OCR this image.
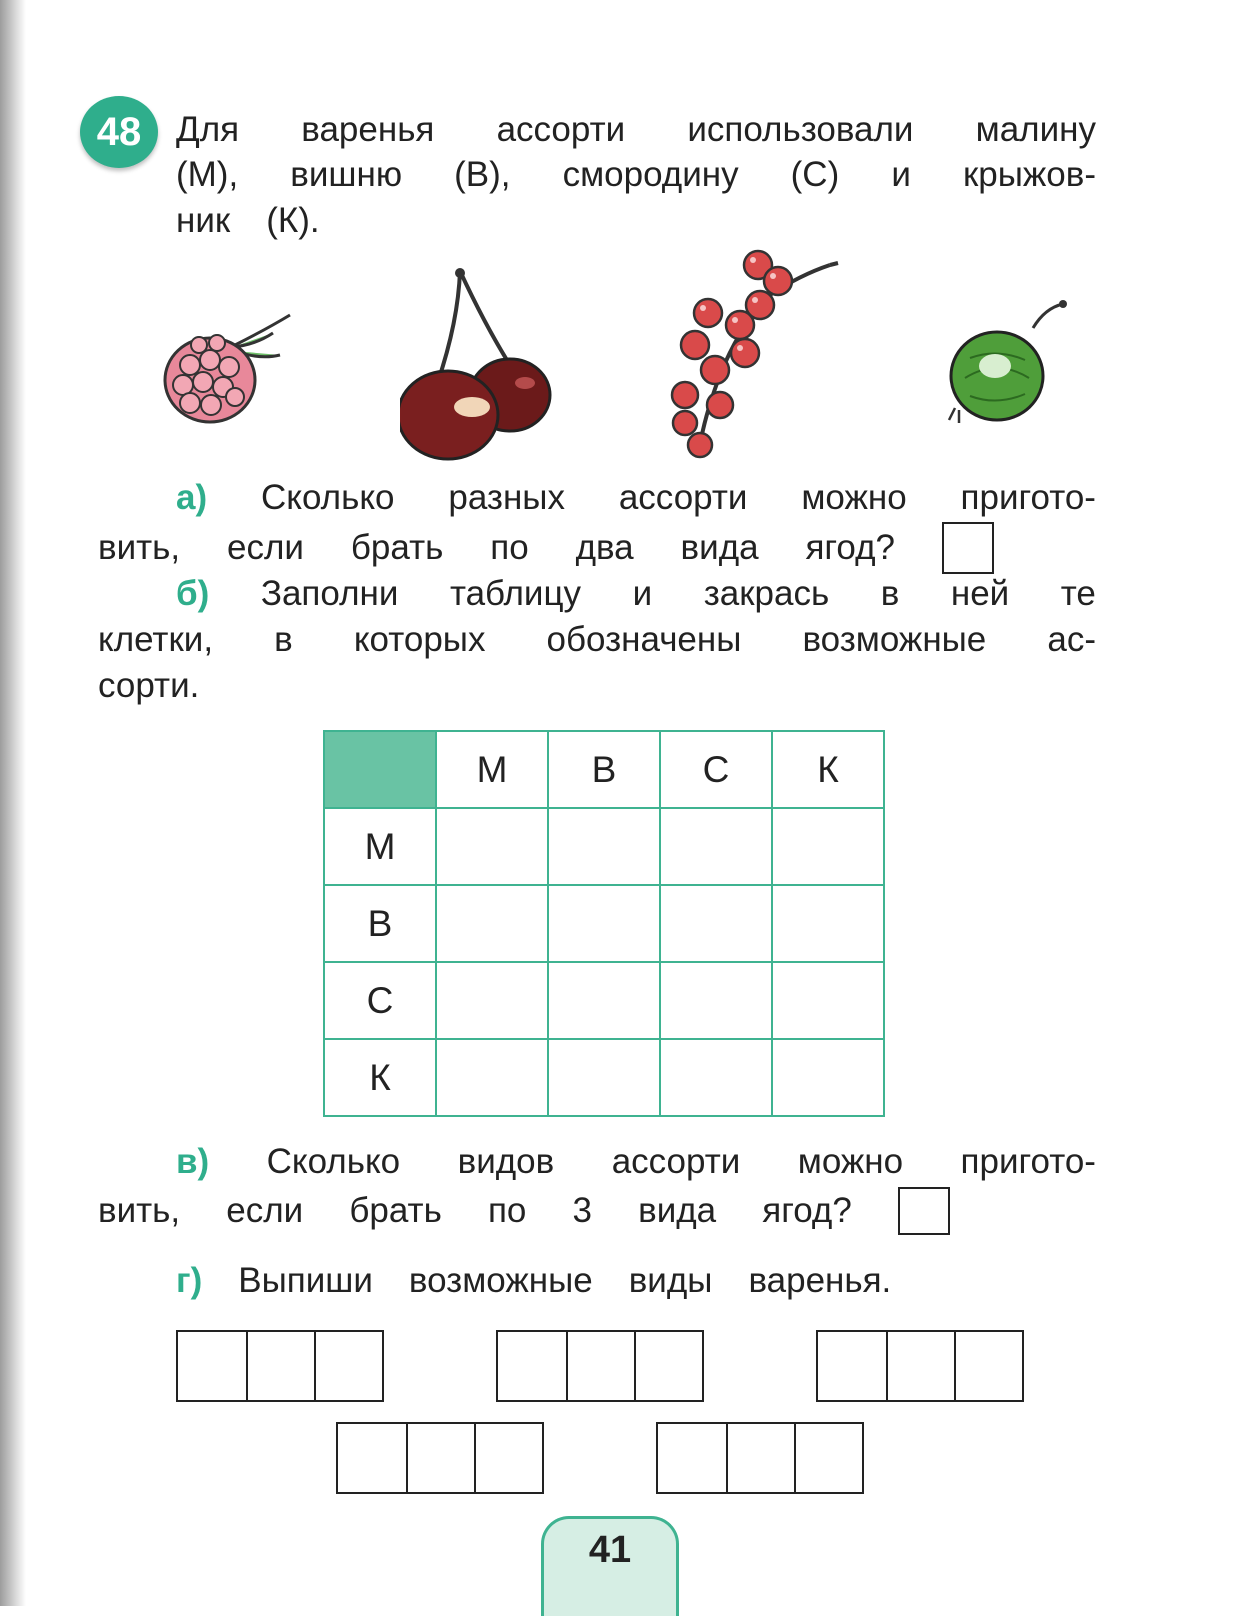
48 Для варенья ассорти использовали малину
(М), вишню (В), смородину (С) и крыжов-
ник (К).
а) Сколько разных ассорти можно пригото-
вить, если брать по два вида ягод?
б) Заполни таблицу и закрась в ней те
клетки, в которых обозначены возможные ас-
сорти.
	М	В	С	К
М				
В				
С				
К				
в) Сколько видов ассорти можно пригото-
вить, если брать по 3 вида ягод?
г) Выпиши возможные виды варенья.
41
